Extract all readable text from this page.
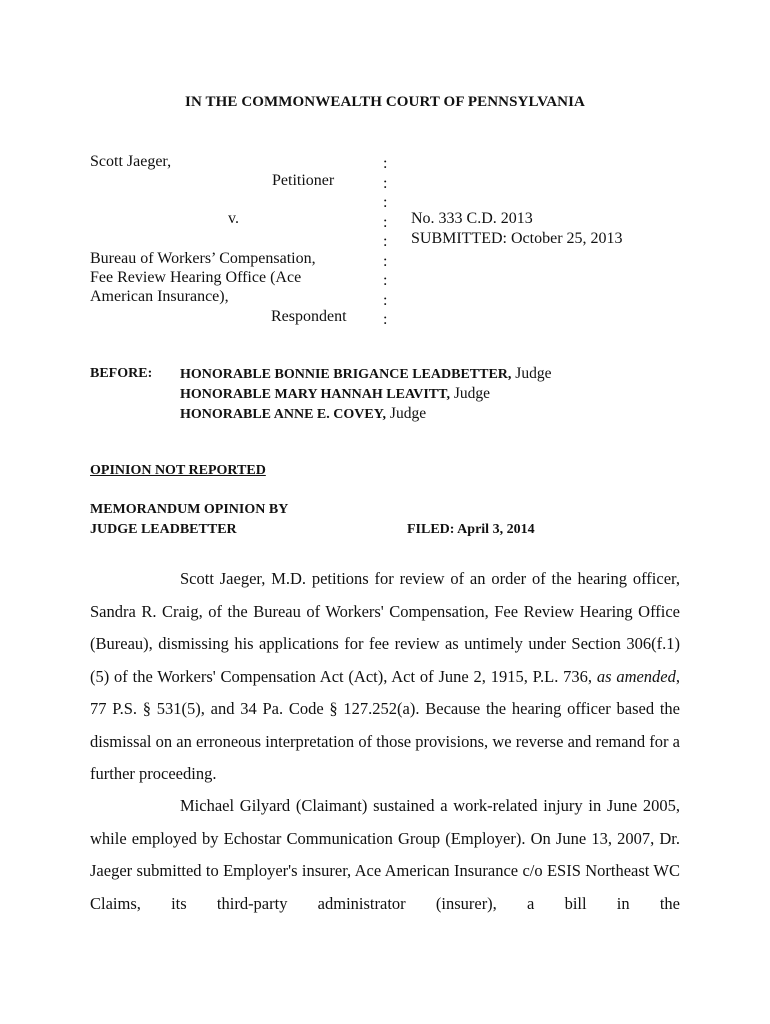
IN THE COMMONWEALTH COURT OF PENNSYLVANIA
Scott Jaeger,
Petitioner
v.
Bureau of Workers’ Compensation,
Fee Review Hearing Office (Ace
American Insurance),
Respondent
:
:
:
:
:
:
:
:
:
No. 333 C.D. 2013
SUBMITTED: October 25, 2013
BEFORE: HONORABLE BONNIE BRIGANCE LEADBETTER, Judge
HONORABLE MARY HANNAH LEAVITT, Judge
HONORABLE ANNE E. COVEY, Judge
OPINION NOT REPORTED
MEMORANDUM OPINION BY
JUDGE LEADBETTER	FILED: April 3, 2014
Scott Jaeger, M.D. petitions for review of an order of the hearing officer, Sandra R. Craig, of the Bureau of Workers' Compensation, Fee Review Hearing Office (Bureau), dismissing his applications for fee review as untimely under Section 306(f.1)(5) of the Workers' Compensation Act (Act), Act of June 2, 1915, P.L. 736, as amended, 77 P.S. § 531(5), and 34 Pa. Code § 127.252(a). Because the hearing officer based the dismissal on an erroneous interpretation of those provisions, we reverse and remand for a further proceeding.
Michael Gilyard (Claimant) sustained a work-related injury in June 2005, while employed by Echostar Communication Group (Employer). On June 13, 2007, Dr. Jaeger submitted to Employer's insurer, Ace American Insurance c/o ESIS Northeast WC Claims, its third-party administrator (insurer), a bill in the
